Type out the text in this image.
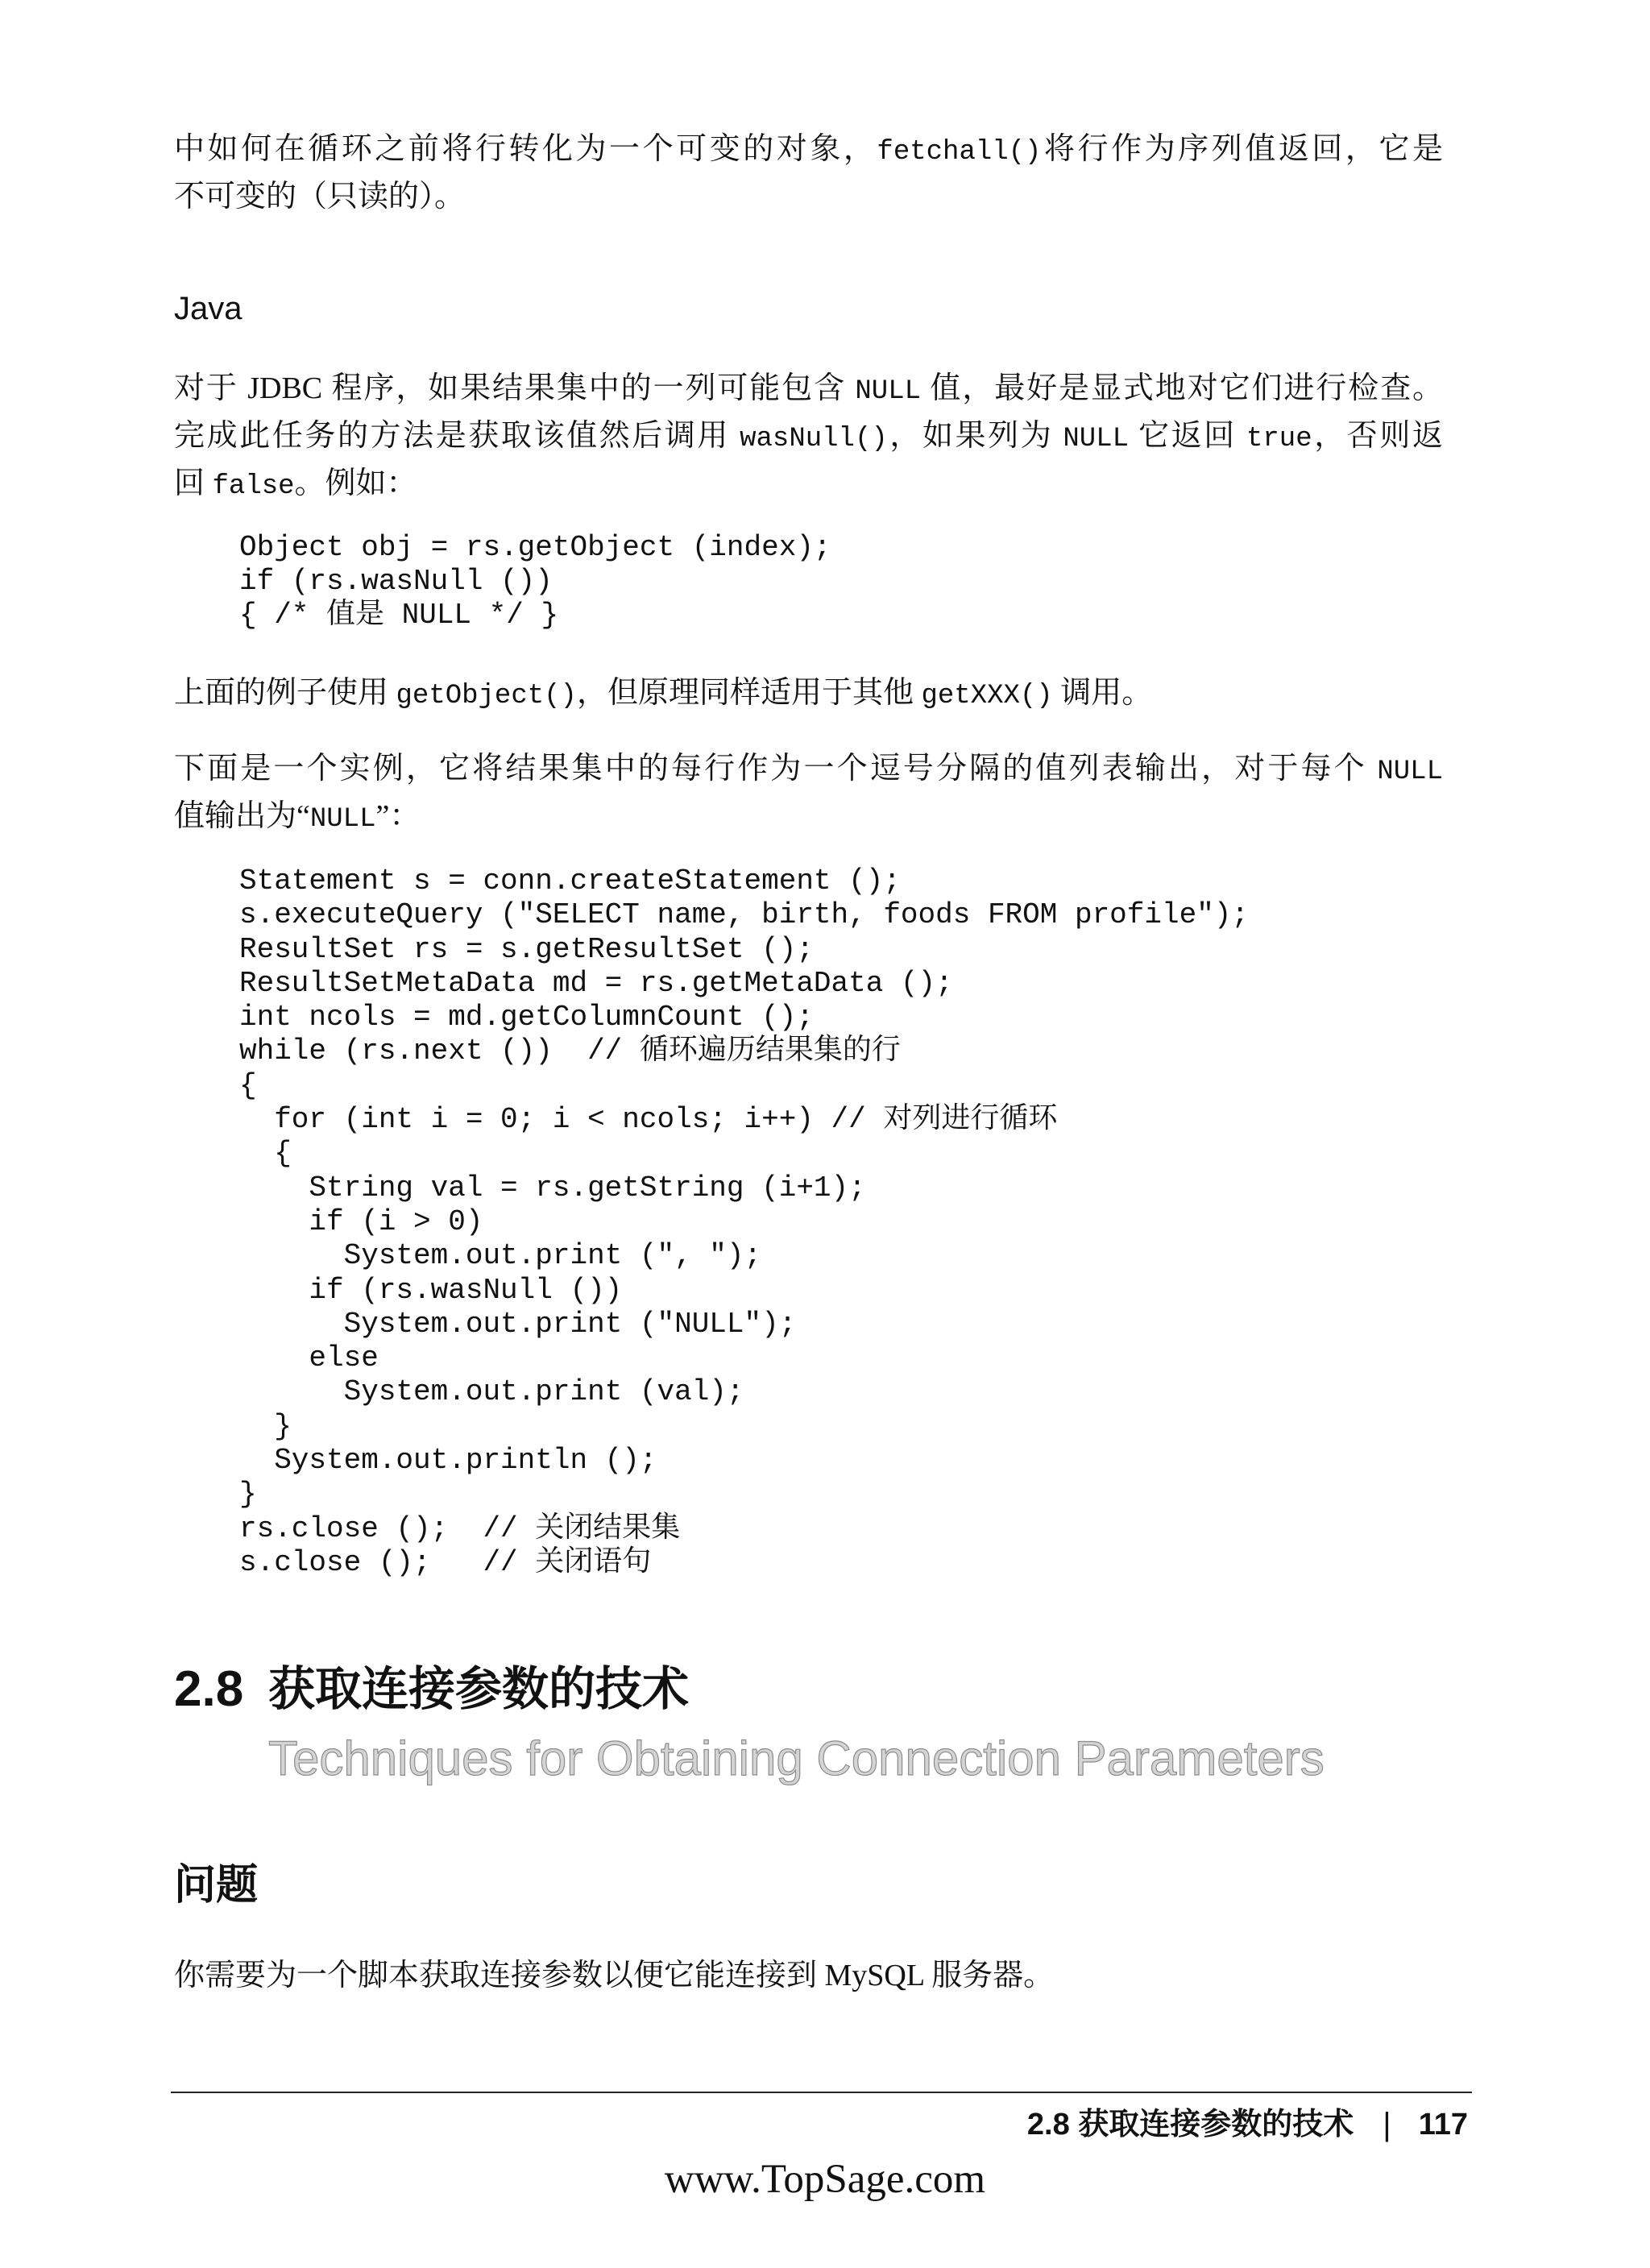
中如何在循环之前将行转化为一个可变的对象，fetchall()将行作为序列值返回，它是
不可变的（只读的）。
Java
对于 JDBC 程序，如果结果集中的一列可能包含 NULL 值，最好是显式地对它们进行检查。
完成此任务的方法是获取该值然后调用 wasNull()，如果列为 NULL 它返回 true，否则返
回 false。例如：
Object obj = rs.getObject (index);
if (rs.wasNull ())
{ /* 值是 NULL */ }
上面的例子使用 getObject()，但原理同样适用于其他 getXXX() 调用。
下面是一个实例，它将结果集中的每行作为一个逗号分隔的值列表输出，对于每个 NULL
值输出为“NULL”：
Statement s = conn.createStatement ();
s.executeQuery ("SELECT name, birth, foods FROM profile");
ResultSet rs = s.getResultSet ();
ResultSetMetaData md = rs.getMetaData ();
int ncols = md.getColumnCount ();
while (rs.next ())  // 循环遍历结果集的行
{
for (int i = 0; i < ncols; i++) // 对列进行循环
{
String val = rs.getString (i+1);
if (i > 0)
System.out.print (", ");
if (rs.wasNull ())
System.out.print ("NULL");
else
System.out.print (val);
}
System.out.println ();
}
rs.close ();  // 关闭结果集
s.close ();   // 关闭语句
2.8 获取连接参数的技术
Techniques for Obtaining Connection Parameters
问题
你需要为一个脚本获取连接参数以便它能连接到 MySQL 服务器。
2.8 获取连接参数的技术 | 117
www.TopSage.com
